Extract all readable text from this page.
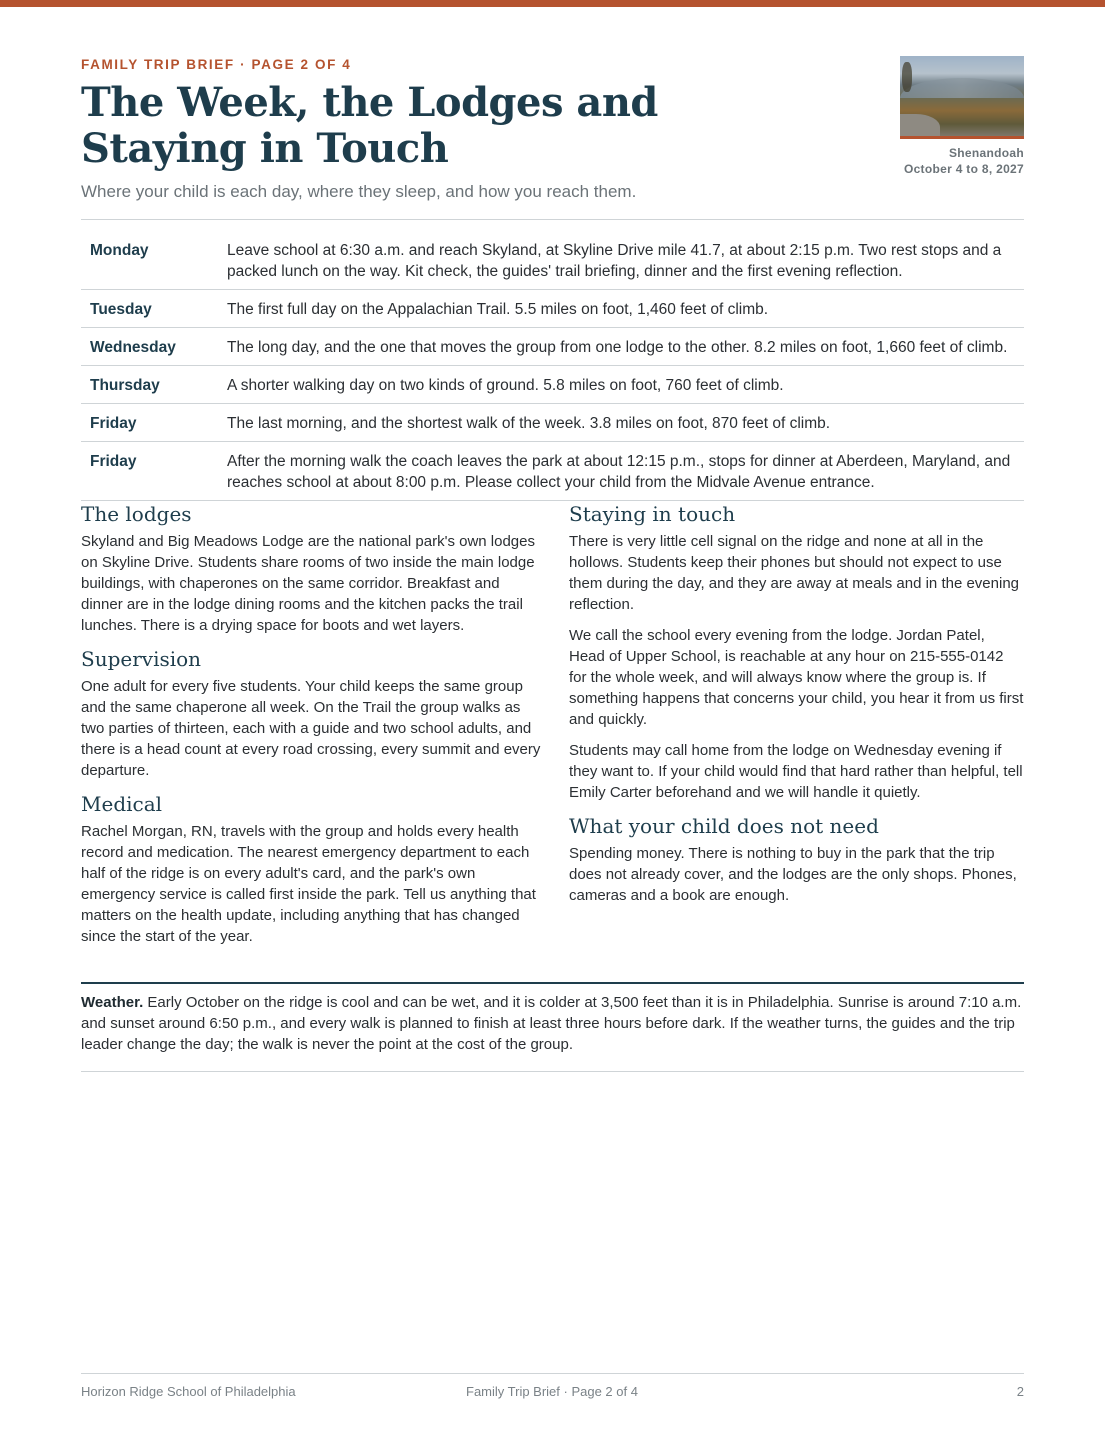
FAMILY TRIP BRIEF · PAGE 2 OF 4
The Week, the Lodges and Staying in Touch
Where your child is each day, where they sleep, and how you reach them.
Shenandoah
October 4 to 8, 2027
Monday	Leave school at 6:30 a.m. and reach Skyland, at Skyline Drive mile 41.7, at about 2:15 p.m. Two rest stops and a packed lunch on the way. Kit check, the guides' trail briefing, dinner and the first evening reflection.
Tuesday	The first full day on the Appalachian Trail. 5.5 miles on foot, 1,460 feet of climb.
Wednesday	The long day, and the one that moves the group from one lodge to the other. 8.2 miles on foot, 1,660 feet of climb.
Thursday	A shorter walking day on two kinds of ground. 5.8 miles on foot, 760 feet of climb.
Friday	The last morning, and the shortest walk of the week. 3.8 miles on foot, 870 feet of climb.
Friday	After the morning walk the coach leaves the park at about 12:15 p.m., stops for dinner at Aberdeen, Maryland, and reaches school at about 8:00 p.m. Please collect your child from the Midvale Avenue entrance.
The lodges

Skyland and Big Meadows Lodge are the national park's own lodges on Skyline Drive. Students share rooms of two inside the main lodge buildings, with chaperones on the same corridor. Breakfast and dinner are in the lodge dining rooms and the kitchen packs the trail lunches. There is a drying space for boots and wet layers.

Supervision

One adult for every five students. Your child keeps the same group and the same chaperone all week. On the Trail the group walks as two parties of thirteen, each with a guide and two school adults, and there is a head count at every road crossing, every summit and every departure.

Medical

Rachel Morgan, RN, travels with the group and holds every health record and medication. The nearest emergency department to each half of the ridge is on every adult's card, and the park's own emergency service is called first inside the park. Tell us anything that matters on the health update, including anything that has changed since the start of the year.

Staying in touch

There is very little cell signal on the ridge and none at all in the hollows. Students keep their phones but should not expect to use them during the day, and they are away at meals and in the evening reflection.

We call the school every evening from the lodge. Jordan Patel, Head of Upper School, is reachable at any hour on 215-555-0142 for the whole week, and will always know where the group is. If something happens that concerns your child, you hear it from us first and quickly.

Students may call home from the lodge on Wednesday evening if they want to. If your child would find that hard rather than helpful, tell Emily Carter beforehand and we will handle it quietly.

What your child does not need

Spending money. There is nothing to buy in the park that the trip does not already cover, and the lodges are the only shops. Phones, cameras and a book are enough.

Weather. Early October on the ridge is cool and can be wet, and it is colder at 3,500 feet than it is in Philadelphia. Sunrise is around 7:10 a.m. and sunset around 6:50 p.m., and every walk is planned to finish at least three hours before dark. If the weather turns, the guides and the trip leader change the day; the walk is never the point at the cost of the group.
Horizon Ridge School of Philadelphia	Family Trip Brief · Page 2 of 4	2
